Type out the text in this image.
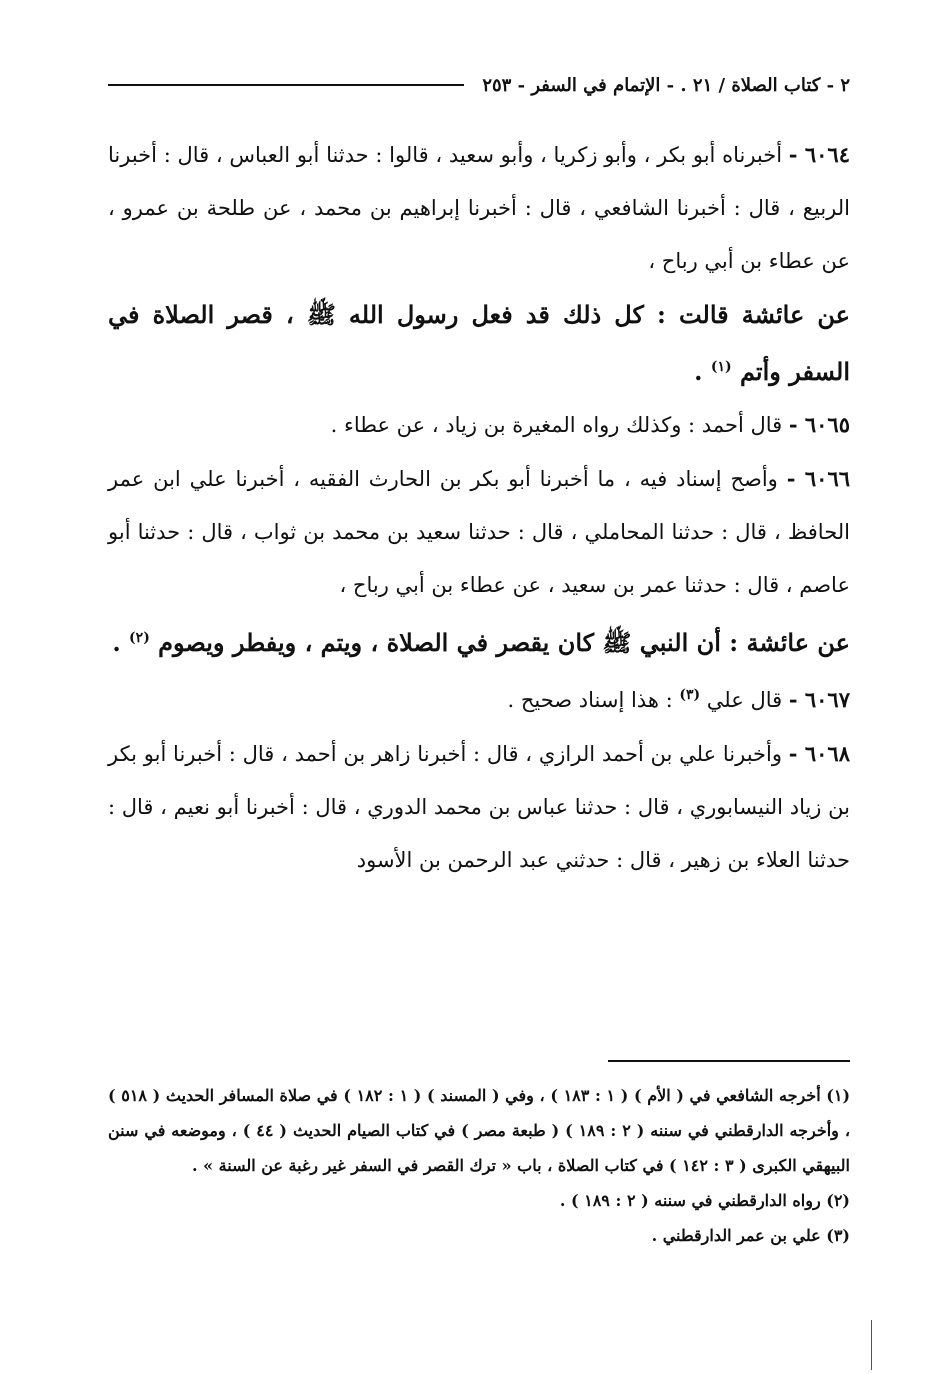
٢ - كتاب الصلاة / ٢١ . - الإتمام في السفر - ٢٥٣

٦٠٦٤ - أخبرناه أبو بكر ، وأبو زكريا ، وأبو سعيد ، قالوا : حدثنا أبو العباس ، قال : أخبرنا الربيع ، قال : أخبرنا الشافعي ، قال : أخبرنا إبراهيم بن محمد ، عن طلحة بن عمرو ، عن عطاء بن أبي رباح ،

عن عائشة قالت : كل ذلك قد فعل رسول الله ﷺ ، قصر الصلاة في السفر وأتم $^{(١)}$ .

٦٠٦٥ - قال أحمد : وكذلك رواه المغيرة بن زياد ، عن عطاء .

٦٠٦٦ - وأصح إسناد فيه ، ما أخبرنا أبو بكر بن الحارث الفقيه ، أخبرنا علي ابن عمر الحافظ ، قال : حدثنا المحاملي ، قال : حدثنا سعيد بن محمد بن ثواب ، قال : حدثنا أبو عاصم ، قال : حدثنا عمر بن سعيد ، عن عطاء بن أبي رباح ،

عن عائشة : أن النبي ﷺ كان يقصر في الصلاة ، ويتم ، ويفطر ويصوم $^{(٢)}$ .

٦٠٦٧ - قال علي $^{(٣)}$ : هذا إسناد صحيح .

٦٠٦٨ - وأخبرنا علي بن أحمد الرازي ، قال : أخبرنا زاهر بن أحمد ، قال : أخبرنا أبو بكر بن زياد النيسابوري ، قال : حدثنا عباس بن محمد الدوري ، قال : أخبرنا أبو نعيم ، قال : حدثنا العلاء بن زهير ، قال : حدثني عبد الرحمن بن الأسود

(١) أخرجه الشافعي في ( الأم ) ( ١ : ١٨٣ ) ، وفي ( المسند ) ( ١ : ١٨٢ ) في صلاة المسافر الحديث ( ٥١٨ ) ، وأخرجه الدارقطني في سننه ( ٢ : ١٨٩ ) ( طبعة مصر ) في كتاب الصيام الحديث ( ٤٤ ) ، وموضعه في سنن البيهقي الكبرى ( ٣ : ١٤٢ ) في كتاب الصلاة ، باب « ترك القصر في السفر غير رغبة عن السنة » .

(٢) رواه الدارقطني في سننه ( ٢ : ١٨٩ ) .

(٣) علي بن عمر الدارقطني .
